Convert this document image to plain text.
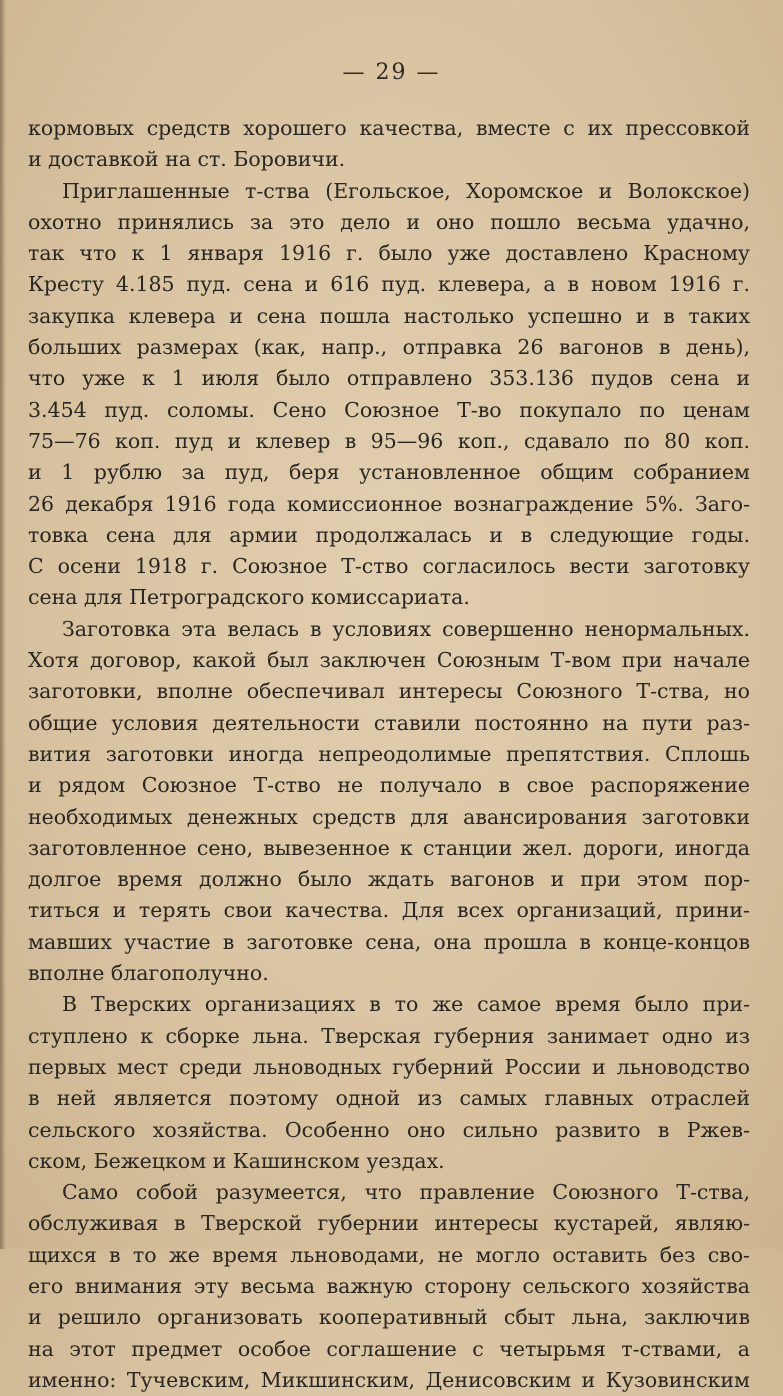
— 29 —
кормовых средств хорошего качества, вместе с их прессовкой
и доставкой на ст. Боровичи.
Приглашенные т-ства (Егольское, Хоромское и Волокское)
охотно принялись за это дело и оно пошло весьма удачно,
так что к 1 января 1916 г. было уже доставлено Красному
Кресту 4.185 пуд. сена и 616 пуд. клевера, а в новом 1916 г.
закупка клевера и сена пошла настолько успешно и в таких
больших размерах (как, напр., отправка 26 вагонов в день),
что уже к 1 июля было отправлено 353.136 пудов сена и
3.454 пуд. соломы. Сено Союзное Т-во покупало по ценам
75—76 коп. пуд и клевер в 95—96 коп., сдавало по 80 коп.
и 1 рублю за пуд, беря установленное общим собранием
26 декабря 1916 года комиссионное вознаграждение 5%. Заго-
товка сена для армии продолжалась и в следующие годы.
С осени 1918 г. Союзное Т-ство согласилось вести заготовку
сена для Петроградского комиссариата.
Заготовка эта велась в условиях совершенно ненормальных.
Хотя договор, какой был заключен Союзным Т-вом при начале
заготовки, вполне обеспечивал интересы Союзного Т-ства, но
общие условия деятельности ставили постоянно на пути раз-
вития заготовки иногда непреодолимые препятствия. Сплошь
и рядом Союзное Т-ство не получало в свое распоряжение
необходимых денежных средств для авансирования заготовки
заготовленное сено, вывезенное к станции жел. дороги, иногда
долгое время должно было ждать вагонов и при этом пор-
титься и терять свои качества. Для всех организаций, прини-
мавших участие в заготовке сена, она прошла в конце-концов
вполне благополучно.
В Тверских организациях в то же самое время было при-
ступлено к сборке льна. Тверская губерния занимает одно из
первых мест среди льноводных губерний России и льноводство
в ней является поэтому одной из самых главных отраслей
сельского хозяйства. Особенно оно сильно развито в Ржев-
ском, Бежецком и Кашинском уездах.
Само собой разумеется, что правление Союзного Т-ства,
обслуживая в Тверской губернии интересы кустарей, являю-
щихся в то же время льноводами, не могло оставить без сво-
его внимания эту весьма важную сторону сельского хозяйства
и решило организовать кооперативный сбыт льна, заключив
на этот предмет особое соглашение с четырьмя т-ствами, а
именно: Тучевским, Микшинским, Денисовским и Кузовинским
